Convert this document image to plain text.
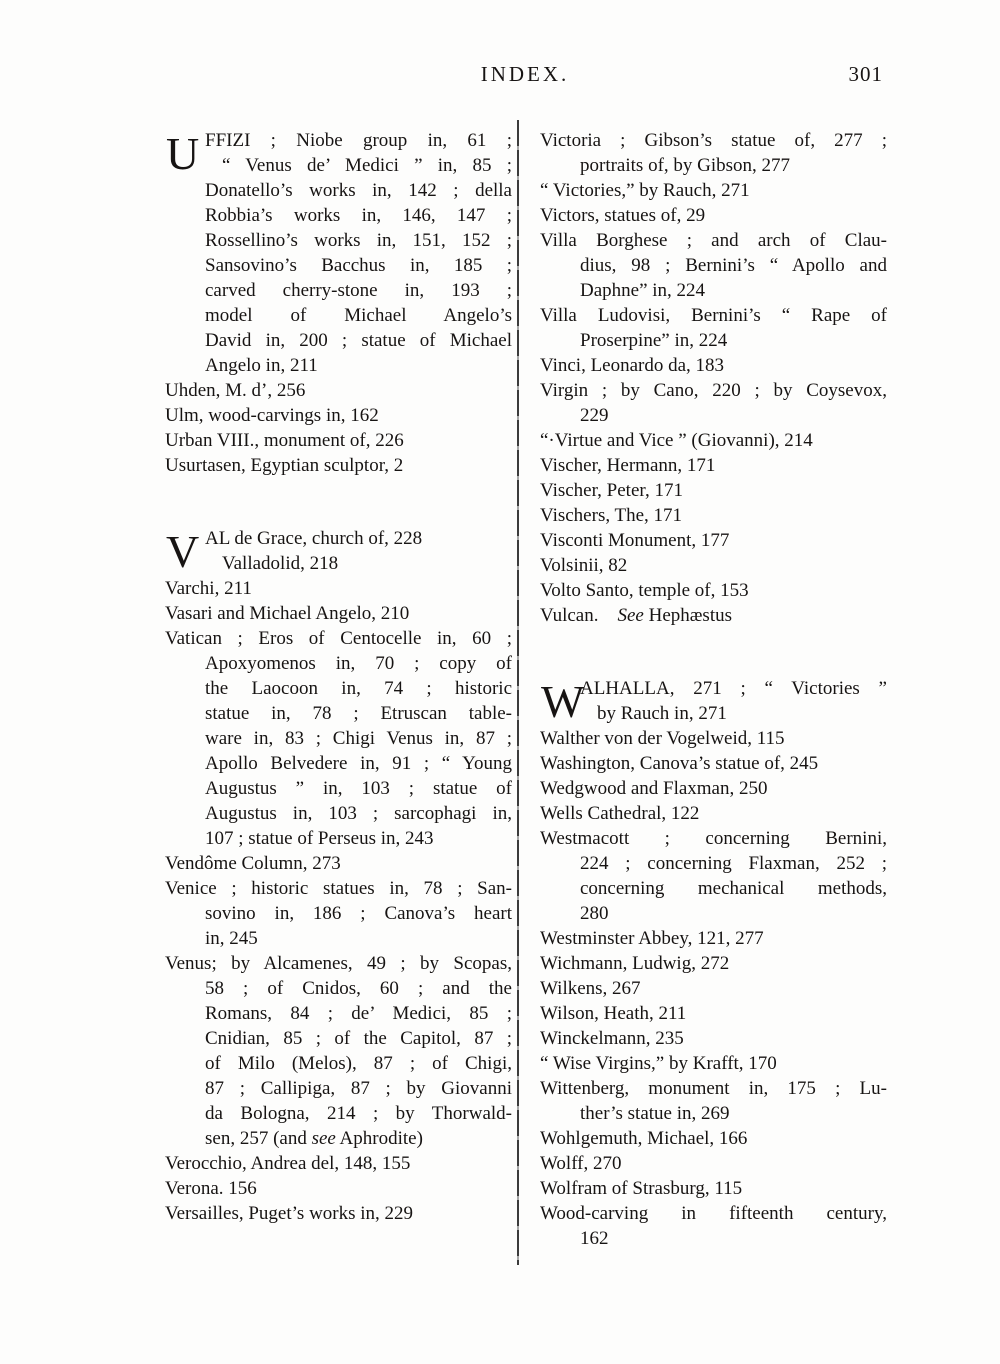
INDEX.	301
U FFIZI ; Niobe group in, 61 ;
“ Venus de’ Medici ” in, 85 ;
Donatello’s works in, 142 ; della
Robbia’s works in, 146, 147 ;
Rossellino’s works in, 151, 152 ;
Sansovino’s Bacchus in, 185 ;
carved cherry-stone in, 193 ;
model of Michael Angelo’s
David in, 200 ; statue of Michael
Angelo in, 211
Uhden, M. d’, 256
Ulm, wood-carvings in, 162
Urban VIII., monument of, 226
Usurtasen, Egyptian sculptor, 2
V AL de Grace, church of, 228
Valladolid, 218
Varchi, 211
Vasari and Michael Angelo, 210
Vatican ; Eros of Centocelle in, 60 ;
Apoxyomenos in, 70 ; copy of
the Laocoon in, 74 ; historic
statue in, 78 ; Etruscan table-
ware in, 83 ; Chigi Venus in, 87 ;
Apollo Belvedere in, 91 ; “ Young
Augustus ” in, 103 ; statue of
Augustus in, 103 ; sarcophagi in,
107 ; statue of Perseus in, 243
Vendôme Column, 273
Venice ; historic statues in, 78 ; San-
sovino in, 186 ; Canova’s heart
in, 245
Venus; by Alcamenes, 49 ; by Scopas,
58 ; of Cnidos, 60 ; and the
Romans, 84 ; de’ Medici, 85 ;
Cnidian, 85 ; of the Capitol, 87 ;
of Milo (Melos), 87 ; of Chigi,
87 ; Callipiga, 87 ; by Giovanni
da Bologna, 214 ; by Thorwald-
sen, 257 (and see Aphrodite)
Verocchio, Andrea del, 148, 155
Verona. 156
Versailles, Puget’s works in, 229
Victoria ; Gibson’s statue of, 277 ;
portraits of, by Gibson, 277
“ Victories,” by Rauch, 271
Victors, statues of, 29
Villa Borghese ; and arch of Clau-
dius, 98 ; Bernini’s “ Apollo and
Daphne” in, 224
Villa Ludovisi, Bernini’s “ Rape of
Proserpine” in, 224
Vinci, Leonardo da, 183
Virgin ; by Cano, 220 ; by Coysevox,
229
“·Virtue and Vice ” (Giovanni), 214
Vischer, Hermann, 171
Vischer, Peter, 171
Vischers, The, 171
Visconti Monument, 177
Volsinii, 82
Volto Santo, temple of, 153
Vulcan. See Hephæstus
W
ALHALLA, 271 ; “ Victories ”
by Rauch in, 271
Walther von der Vogelweid, 115
Washington, Canova’s statue of, 245
Wedgwood and Flaxman, 250
Wells Cathedral, 122
Westmacott ; concerning Bernini,
224 ; concerning Flaxman, 252 ;
concerning mechanical methods,
280
Westminster Abbey, 121, 277
Wichmann, Ludwig, 272
Wilkens, 267
Wilson, Heath, 211
Winckelmann, 235
“ Wise Virgins,” by Krafft, 170
Wittenberg, monument in, 175 ; Lu-
ther’s statue in, 269
Wohlgemuth, Michael, 166
Wolff, 270
Wolfram of Strasburg, 115
Wood-carving in fifteenth century,
162
